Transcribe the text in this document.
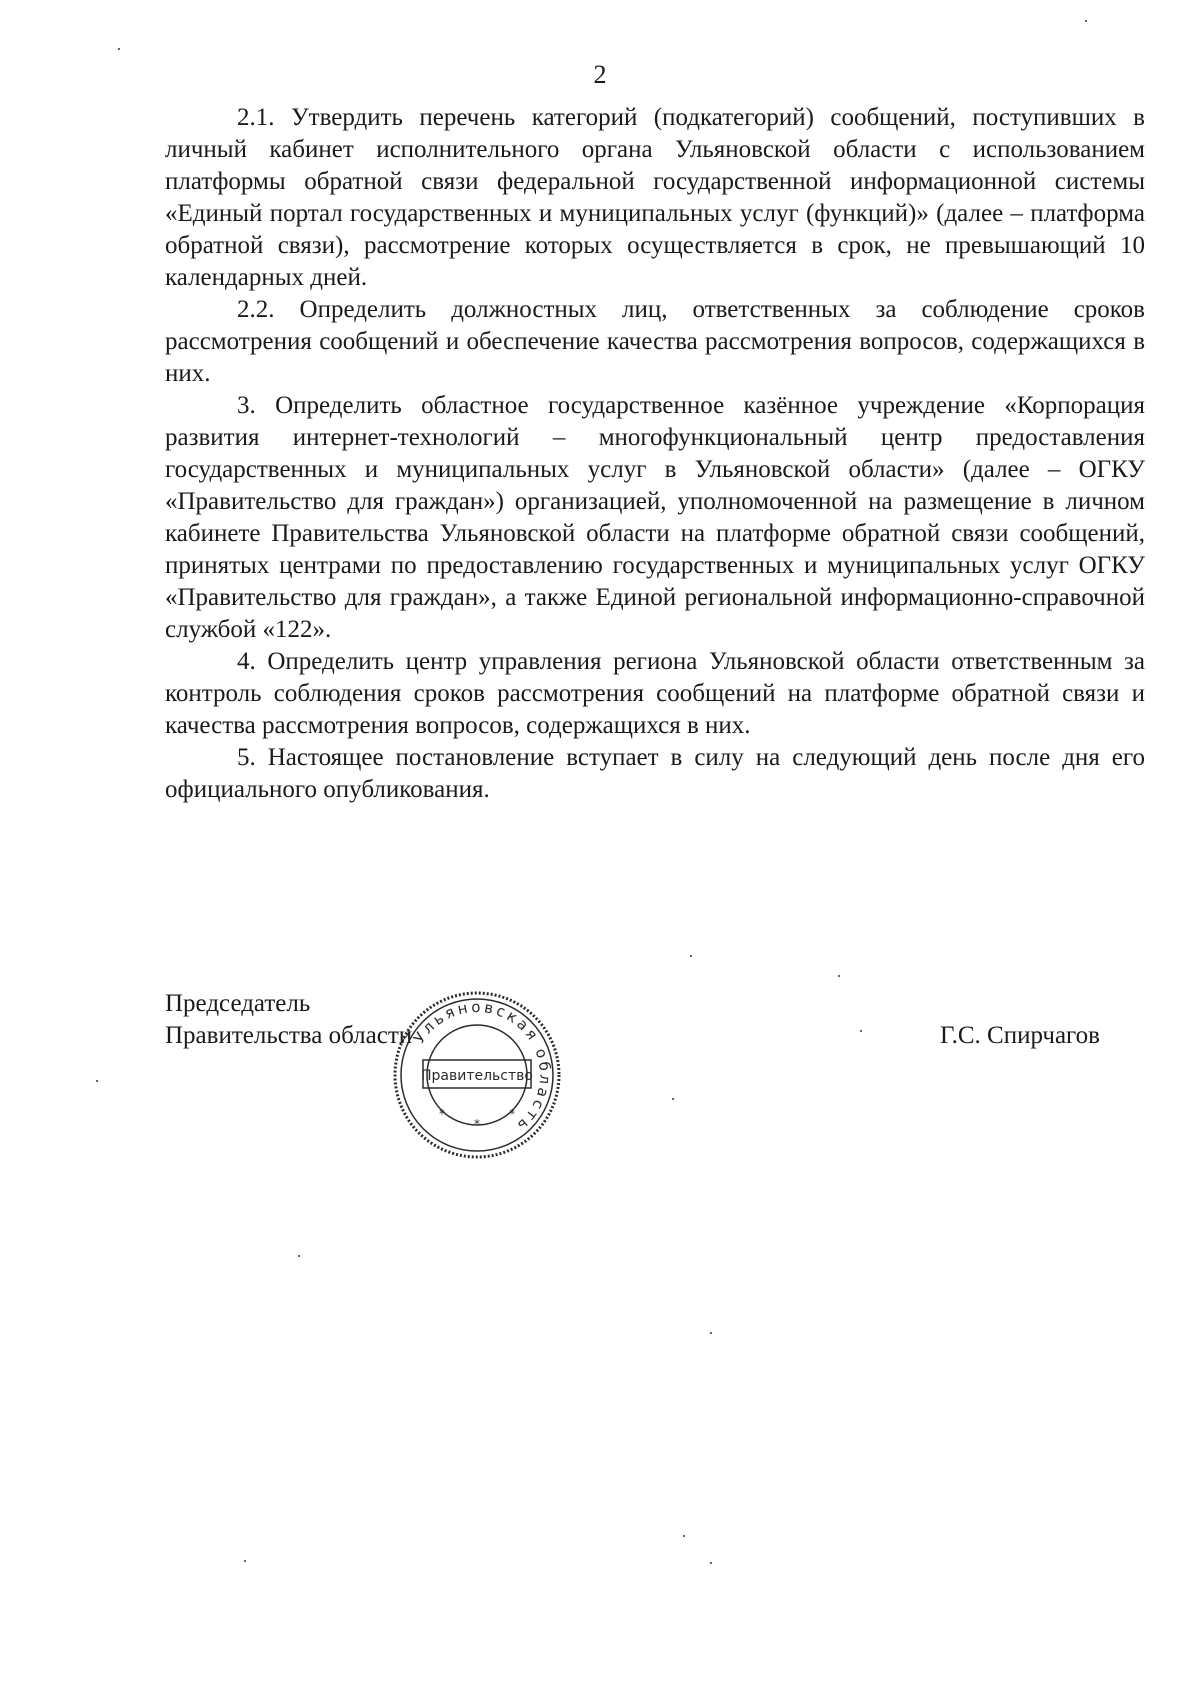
2

2.1. Утвердить перечень категорий (подкатегорий) сообщений, поступивших в личный кабинет исполнительного органа Ульяновской области с использованием платформы обратной связи федеральной государственной информационной системы «Единый портал государственных и муниципальных услуг (функций)» (далее – платформа обратной связи), рассмотрение которых осуществляется в срок, не превышающий 10 календарных дней.

2.2. Определить должностных лиц, ответственных за соблюдение сроков рассмотрения сообщений и обеспечение качества рассмотрения вопросов, содержащихся в них.

3. Определить областное государственное казённое учреждение «Корпорация развития интернет-технологий – многофункциональный центр предоставления государственных и муниципальных услуг в Ульяновской области» (далее – ОГКУ «Правительство для граждан») организацией, уполномоченной на размещение в личном кабинете Правительства Ульяновской области на платформе обратной связи сообщений, принятых центрами по предоставлению государственных и муниципальных услуг ОГКУ «Правительство для граждан», а также Единой региональной информационно-справочной службой «122».

4. Определить центр управления региона Ульяновской области ответственным за контроль соблюдения сроков рассмотрения сообщений на платформе обратной связи и качества рассмотрения вопросов, содержащихся в них.

5. Настоящее постановление вступает в силу на следующий день после дня его официального опубликования.

Председатель
Правительства области	Г.С. Спирчагов
Ульяновская область
Правительство
*
*
*
